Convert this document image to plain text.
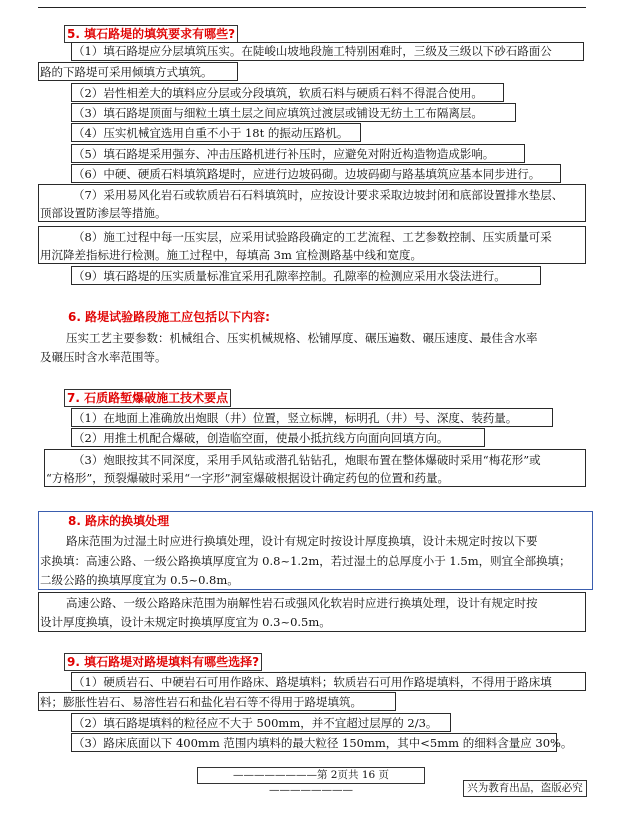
5. 填石路堤的填筑要求有哪些?
（1）填石路堤应分层填筑压实。在陡峻山坡地段施工特别困难时，三级及三级以下砂石路面公
路的下路堤可采用倾填方式填筑。
（2）岩性相差大的填料应分层或分段填筑，软质石料与硬质石料不得混合使用。
（3）填石路堤顶面与细粒土填土层之间应填筑过渡层或铺设无纺土工布隔离层。
（4）压实机械宜选用自重不小于 18t 的振动压路机。
（5）填石路堤采用强夯、冲击压路机进行补压时，应避免对附近构造物造成影响。
（6）中硬、硬质石料填筑路堤时，应进行边坡码砌。边坡码砌与路基填筑应基本同步进行。
（7）采用易风化岩石或软质岩石石料填筑时，应按设计要求采取边坡封闭和底部设置排水垫层、
顶部设置防渗层等措施。
（8）施工过程中每一压实层，应采用试验路段确定的工艺流程、工艺参数控制、压实质量可采
用沉降差指标进行检测。施工过程中，每填高 3m 宜检测路基中线和宽度。
（9）填石路堤的压实质量标准宜采用孔隙率控制。孔隙率的检测应采用水袋法进行。
6. 路堤试验路段施工应包括以下内容:
压实工艺主要参数：机械组合、压实机械规格、松铺厚度、碾压遍数、碾压速度、最佳含水率
及碾压时含水率范围等。
7. 石质路堑爆破施工技术要点
（1）在地面上准确放出炮眼（井）位置，竖立标牌，标明孔（井）号、深度、装药量。
（2）用推土机配合爆破，创造临空面，使最小抵抗线方向面向回填方向。
（3）炮眼按其不同深度，采用手风钻或潜孔钻钻孔，炮眼布置在整体爆破时采用“梅花形”或
“方格形”，预裂爆破时采用“一字形”洞室爆破根据设计确定药包的位置和药量。
8. 路床的换填处理
路床范围为过湿土时应进行换填处理，设计有规定时按设计厚度换填，设计未规定时按以下要
求换填：高速公路、一级公路换填厚度宜为 0.8~1.2m，若过湿土的总厚度小于 1.5m，则宜全部换填；
二级公路的换填厚度宜为 0.5~0.8m。
高速公路、一级公路路床范围为崩解性岩石或强风化软岩时应进行换填处理，设计有规定时按
设计厚度换填，设计未规定时换填厚度宜为 0.3~0.5m。
9. 填石路堤对路堤填料有哪些选择?
（1）硬质岩石、中硬岩石可用作路床、路堤填料；软质岩石可用作路堤填料，不得用于路床填
料；膨胀性岩石、易溶性岩石和盐化岩石等不得用于路堤填筑。
（2）填石路堤填料的粒径应不大于 500mm，并不宜超过层厚的 2/3。
（3）路床底面以下 400mm 范围内填料的最大粒径 150mm，其中<5mm 的细料含量应 30%。
————————第 2页共 16 页————————	兴为教育出品，盗版必究
